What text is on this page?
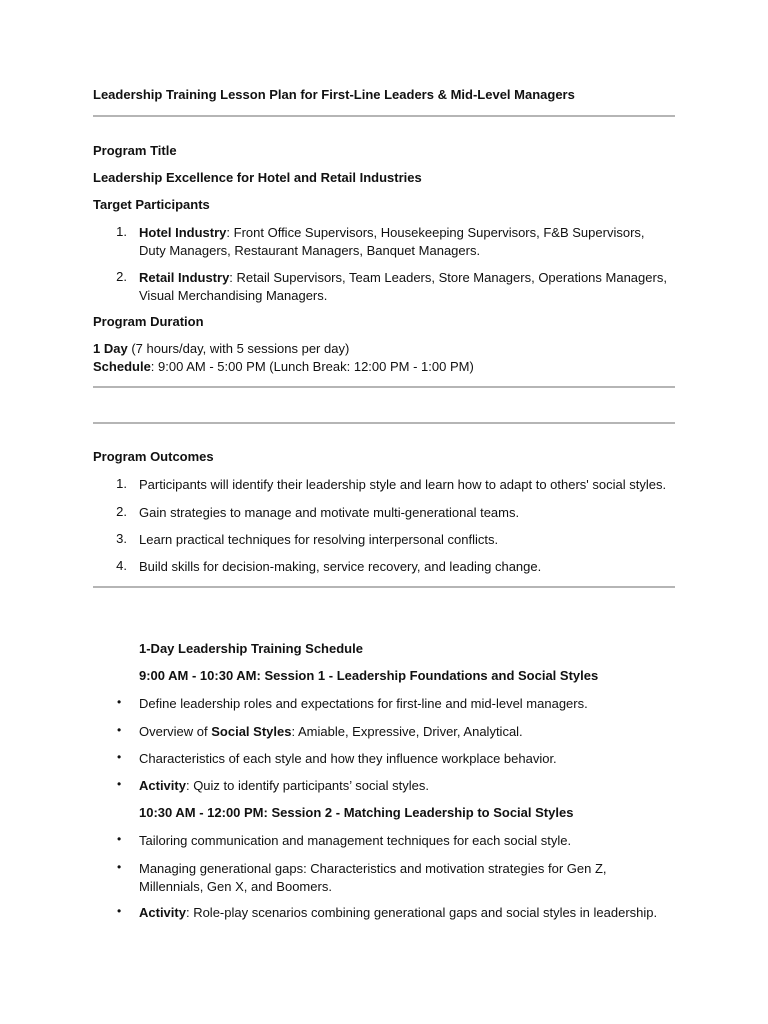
Leadership Training Lesson Plan for First-Line Leaders & Mid-Level Managers
Program Title
Leadership Excellence for Hotel and Retail Industries
Target Participants
1. Hotel Industry: Front Office Supervisors, Housekeeping Supervisors, F&B Supervisors, Duty Managers, Restaurant Managers, Banquet Managers.
2. Retail Industry: Retail Supervisors, Team Leaders, Store Managers, Operations Managers, Visual Merchandising Managers.
Program Duration
1 Day (7 hours/day, with 5 sessions per day)
Schedule: 9:00 AM - 5:00 PM (Lunch Break: 12:00 PM - 1:00 PM)
Program Outcomes
1. Participants will identify their leadership style and learn how to adapt to others' social styles.
2. Gain strategies to manage and motivate multi-generational teams.
3. Learn practical techniques for resolving interpersonal conflicts.
4. Build skills for decision-making, service recovery, and leading change.
1-Day Leadership Training Schedule
9:00 AM - 10:30 AM: Session 1 - Leadership Foundations and Social Styles
• Define leadership roles and expectations for first-line and mid-level managers.
• Overview of Social Styles: Amiable, Expressive, Driver, Analytical.
• Characteristics of each style and how they influence workplace behavior.
• Activity: Quiz to identify participants’ social styles.
10:30 AM - 12:00 PM: Session 2 - Matching Leadership to Social Styles
• Tailoring communication and management techniques for each social style.
• Managing generational gaps: Characteristics and motivation strategies for Gen Z, Millennials, Gen X, and Boomers.
• Activity: Role-play scenarios combining generational gaps and social styles in leadership.
